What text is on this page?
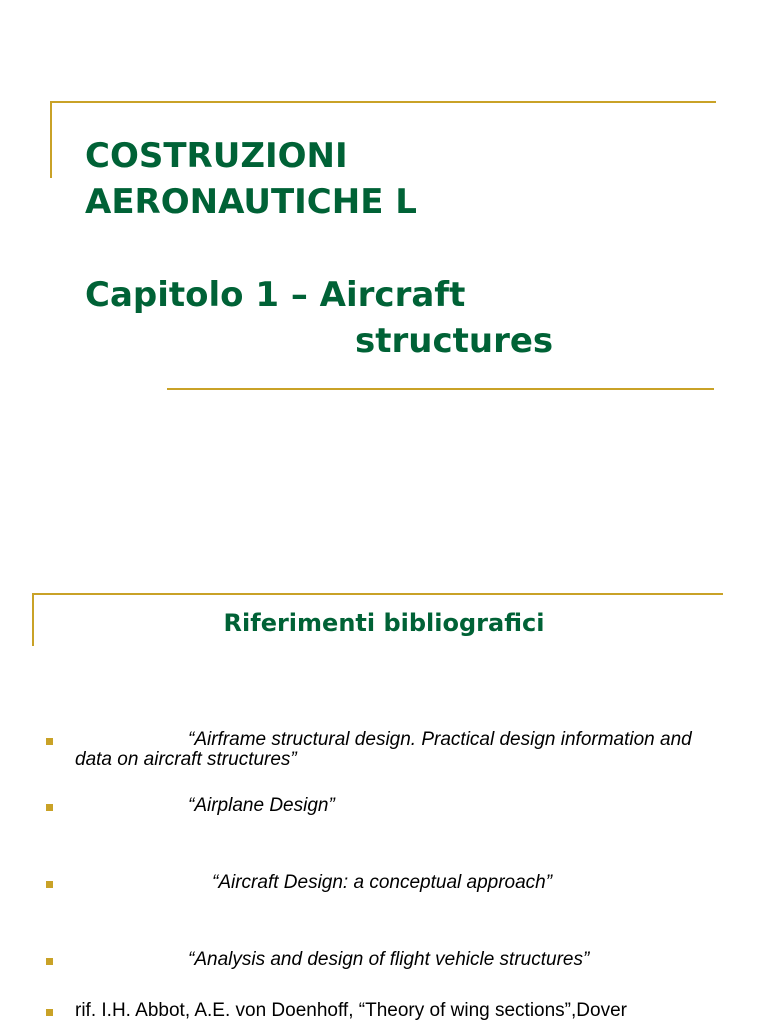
COSTRUZIONI
AERONAUTICHE L
Capitolo 1 – Aircraft
structures
Riferimenti bibliografici
“Airframe structural design. Practical design information and data on aircraft structures”
“Airplane Design”
“Aircraft Design: a conceptual approach”
“Analysis and design of flight vehicle structures”
rif. I.H. Abbot, A.E. von Doenhoff, “Theory of wing sections”,Dover
